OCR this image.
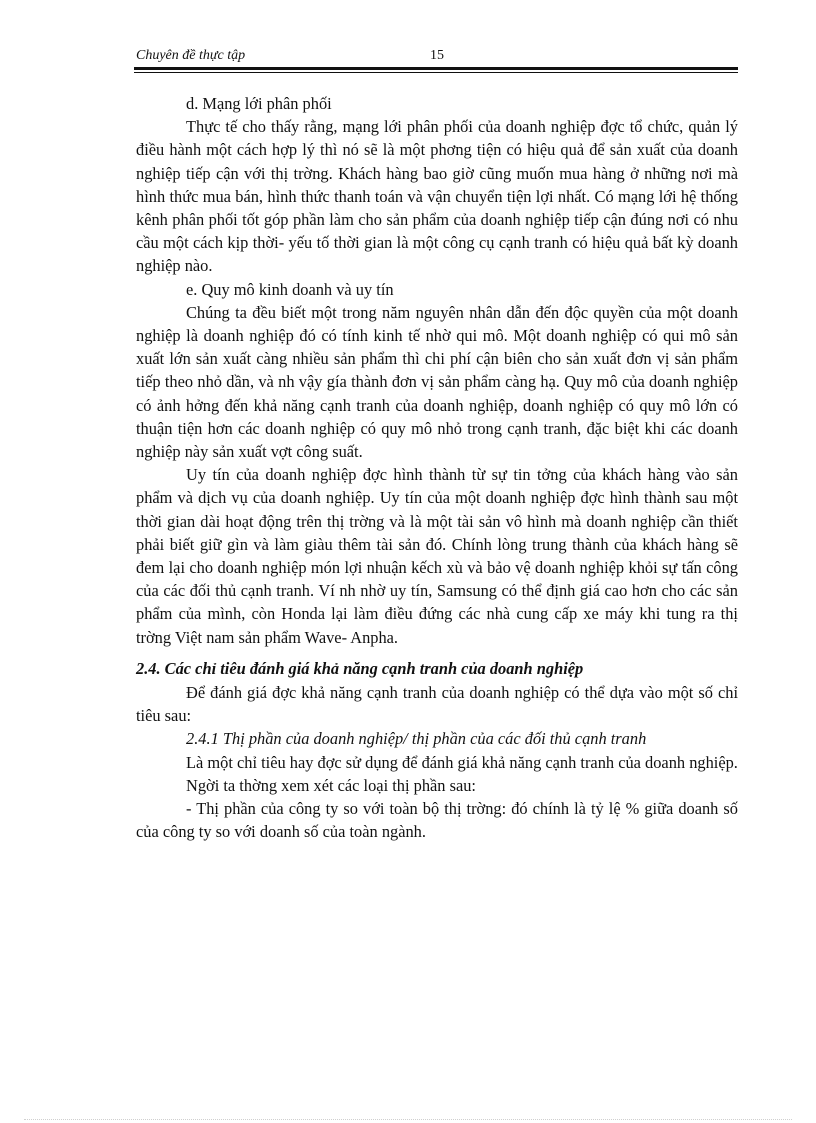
Chuyên đề thực tập	15

d. Mạng lới phân phối

Thực tế cho thấy rằng, mạng lới phân phối của doanh nghiệp đợc tổ chức, quản lý điều hành một cách hợp lý thì nó sẽ là một phơng tiện có hiệu quả để sản xuất của doanh nghiệp tiếp cận với thị trờng. Khách hàng bao giờ cũng muốn mua hàng ở những nơi mà hình thức mua bán, hình thức thanh toán và vận chuyển tiện lợi nhất. Có mạng lới hệ thống kênh phân phối tốt góp phần làm cho sản phẩm của doanh nghiệp tiếp cận đúng nơi có nhu cầu một cách kịp thời- yếu tố thời gian là một công cụ cạnh tranh có hiệu quả bất kỳ doanh nghiệp nào.

e. Quy mô kinh doanh và uy tín

Chúng ta đều biết một trong năm nguyên nhân dẫn đến độc quyền của một doanh nghiệp là doanh nghiệp đó có tính kinh tế nhờ qui mô. Một doanh nghiệp có qui mô sản xuất lớn sản xuất càng nhiều sản phẩm thì chi phí cận biên cho sản xuất đơn vị sản phẩm tiếp theo nhỏ dần, và nh vậy gía thành đơn vị sản phẩm càng hạ. Quy mô của doanh nghiệp có ảnh hởng đến khả năng cạnh tranh của doanh nghiệp, doanh nghiệp có quy mô lớn có thuận tiện hơn các doanh nghiệp có quy mô nhỏ trong cạnh tranh, đặc biệt khi các doanh nghiệp này sản xuất vợt công suất.

Uy tín của doanh nghiệp đợc hình thành từ sự tin tởng của khách hàng vào sản phẩm và dịch vụ của doanh nghiệp. Uy tín của một doanh nghiệp đợc hình thành sau một thời gian dài hoạt động trên thị trờng và là một tài sản vô hình mà doanh nghiệp cần thiết phải biết giữ gìn và làm giàu thêm tài sản đó. Chính lòng trung thành của khách hàng sẽ đem lại cho doanh nghiệp món lợi nhuận kếch xù và bảo vệ doanh nghiệp khỏi sự tấn công của các đối thủ cạnh tranh. Ví nh nhờ uy tín, Samsung có thể định giá cao hơn cho các sản phẩm của mình, còn Honda lại làm điều đứng các nhà cung cấp xe máy khi tung ra thị trờng Việt nam sản phẩm Wave- Anpha.

2.4. Các chỉ tiêu đánh giá khả năng cạnh tranh của doanh nghiệp

Để đánh giá đợc khả năng cạnh tranh của doanh nghiệp có thể dựa vào một số chỉ tiêu sau:

2.4.1 Thị phần của doanh nghiệp/ thị phần của các đối thủ cạnh tranh

Là một chỉ tiêu hay đợc sử dụng để đánh giá khả năng cạnh tranh của doanh nghiệp.

Ngời ta thờng xem xét các loại thị phần sau:

- Thị phần của công ty so với toàn bộ thị trờng: đó chính là tỷ lệ % giữa doanh số của công ty so với doanh số của toàn ngành.
